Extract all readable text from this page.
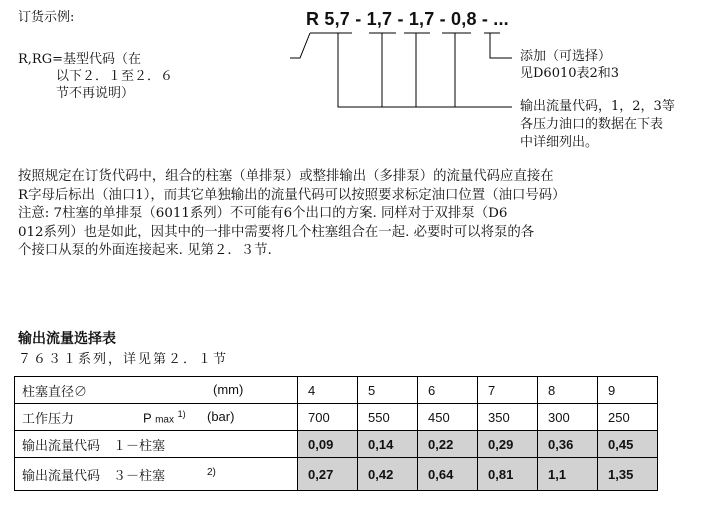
订货示例:	R 5,7 - 1,7 - 1,7 - 0,8 - ...
R,RG=基型代码（在
以下２．１至２．６
节不再说明）
添加（可选择）
见D6010表2和3
输出流量代码，1，2，3等
各压力油口的数据在下表
中详细列出。
按照规定在订货代码中，组合的柱塞（单排泵）或整排输出（多排泵）的流量代码应直接在
R字母后标出（油口1），而其它单独输出的流量代码可以按照要求标定油口位置（油口号码）
注意: 7柱塞的单排泵（6011系列）不可能有6个出口的方案. 同样对于双排泵（D6
012系列）也是如此，因其中的一排中需要将几个柱塞组合在一起. 必要时可以将泵的各
个接口从泵的外面连接起来. 见第２．３节.
输出流量选择表
７６３１系列，详见第２．１节
柱塞直径∅ (mm)	4	5	6	7	8	9
工作压力 P max $^{1)}$ (bar)	700	550	450	350	300	250
输出流量代码　１－柱塞	0,09	0,14	0,22	0,29	0,36	0,45
输出流量代码　３－柱塞 2)	0,27	0,42	0,64	0,81	1,1	1,35
